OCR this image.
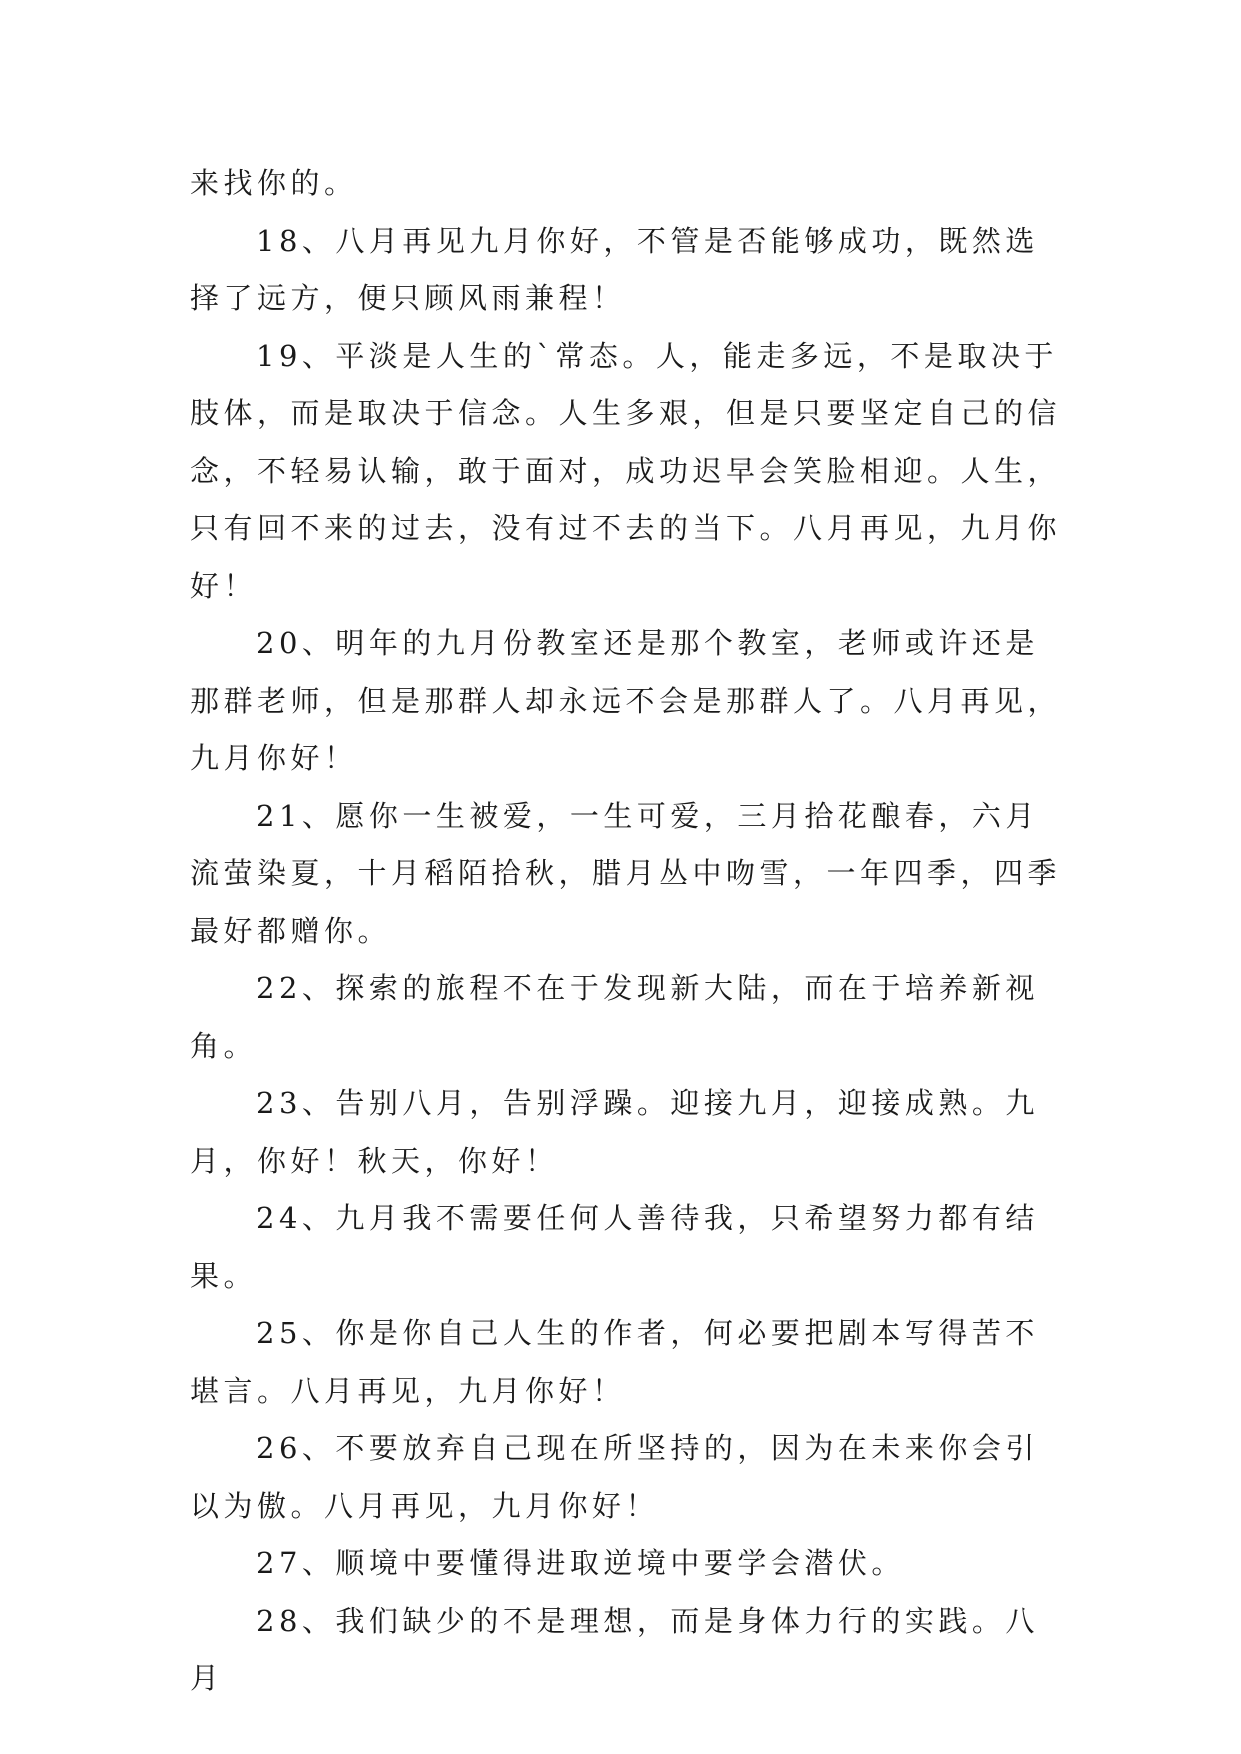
来找你的。

18、八月再见九月你好，不管是否能够成功，既然选择了远方，便只顾风雨兼程！

19、平淡是人生的`常态。人，能走多远，不是取决于肢体，而是取决于信念。人生多艰，但是只要坚定自己的信念，不轻易认输，敢于面对，成功迟早会笑脸相迎。人生，只有回不来的过去，没有过不去的当下。八月再见，九月你好！

20、明年的九月份教室还是那个教室，老师或许还是那群老师，但是那群人却永远不会是那群人了。八月再见，九月你好！

21、愿你一生被爱，一生可爱，三月拾花酿春，六月流萤染夏，十月稻陌拾秋，腊月丛中吻雪，一年四季，四季最好都赠你。

22、探索的旅程不在于发现新大陆，而在于培养新视角。

23、告别八月，告别浮躁。迎接九月，迎接成熟。九月，你好！秋天，你好！

24、九月我不需要任何人善待我，只希望努力都有结果。

25、你是你自己人生的作者，何必要把剧本写得苦不堪言。八月再见，九月你好！

26、不要放弃自己现在所坚持的，因为在未来你会引以为傲。八月再见，九月你好！

27、顺境中要懂得进取逆境中要学会潜伏。

28、我们缺少的不是理想，而是身体力行的实践。八月
